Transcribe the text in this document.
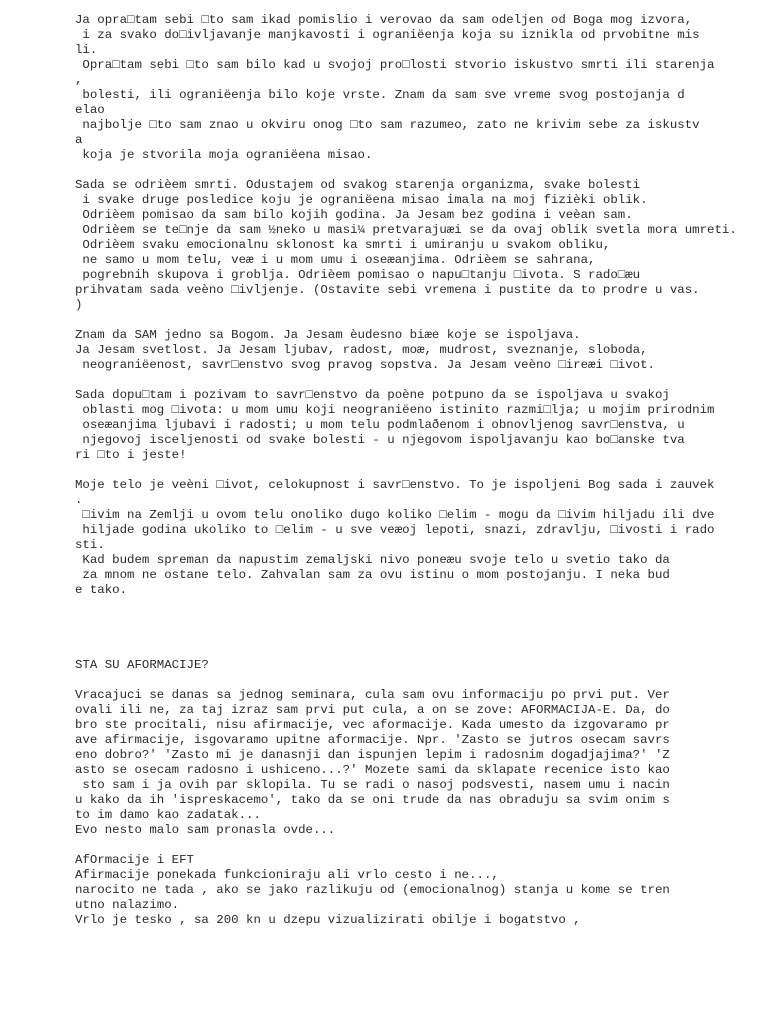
Ja opra□tam sebi □to sam ikad pomislio i verovao da sam odeljen od Boga mog izvora,
i za svako do□ivljavanje manjkavosti i ograniëenja koja su iznikla od prvobitne mis
li.
Opra□tam sebi □to sam bilo kad u svojoj pro□losti stvorio iskustvo smrti ili starenja
,
bolesti, ili ograniëenja bilo koje vrste. Znam da sam sve vreme svog postojanja d
elao
najbolje □to sam znao u okviru onog □to sam razumeo, zato ne krivim sebe za iskustv
a
koja je stvorila moja ograniëena misao.
Sada se odrièem smrti. Odustajem od svakog starenja organizma, svake bolesti
i svake druge posledice koju je ograniëena misao imala na moj fizièki oblik.
Odrièem pomisao da sam bilo kojih godina. Ja Jesam bez godina i veèan sam.
Odrièem se te□nje da sam ½neko u masi¼ pretvarajuæi se da ovaj oblik svetla mora umreti.
Odrièem svaku emocionalnu sklonost ka smrti i umiranju u svakom obliku,
ne samo u mom telu, veæ i u mom umu i oseæanjima. Odrièem se sahrana,
pogrebnih skupova i groblja. Odrièem pomisao o napu□tanju □ivota. S rado□æu
prihvatam sada veèno □ivljenje. (Ostavite sebi vremena i pustite da to prodre u vas.
)
Znam da SAM jedno sa Bogom. Ja Jesam èudesno biæe koje se ispoljava.
Ja Jesam svetlost. Ja Jesam ljubav, radost, moæ, mudrost, sveznanje, sloboda,
neograniëenost, savr□enstvo svog pravog sopstva. Ja Jesam veèno □ireæi □ivot.
Sada dopu□tam i pozivam to savr□enstvo da poène potpuno da se ispoljava u svakoj
oblasti mog □ivota: u mom umu koji neograniëeno istinito razmi□lja; u mojim prirodnim
oseæanjima ljubavi i radosti; u mom telu podmlaðenom i obnovljenog savr□enstva, u
njegovoj isceljenosti od svake bolesti - u njegovom ispoljavanju kao bo□anske tva
ri □to i jeste!
Moje telo je veèni □ivot, celokupnost i savr□enstvo. To je ispoljeni Bog sada i zauvek
.
□ivim na Zemlji u ovom telu onoliko dugo koliko □elim - mogu da □ivim hiljadu ili dve
hiljade godina ukoliko to □elim - u sve veæoj lepoti, snazi, zdravlju, □ivosti i rado
sti.
Kad budem spreman da napustim zemaljski nivo poneæu svoje telo u svetio tako da
za mnom ne ostane telo. Zahvalan sam za ovu istinu o mom postojanju. I neka bud
e tako.
STA SU AFORMACIJE?
Vracajuci se danas sa jednog seminara, cula sam ovu informaciju po prvi put. Ver
ovali ili ne, za taj izraz sam prvi put cula, a on se zove: AFORMACIJA-E. Da, do
bro ste procitali, nisu afirmacije, vec aformacije. Kada umesto da izgovaramo pr
ave afirmacije, isgovaramo upitne aformacije. Npr. 'Zasto se jutros osecam savrs
eno dobro?' 'Zasto mi je danasnji dan ispunjen lepim i radosnim dogadjajima?' 'Z
asto se osecam radosno i ushiceno...?' Mozete sami da sklapate recenice isto kao
sto sam i ja ovih par sklopila. Tu se radi o nasoj podsvesti, nasem umu i nacin
u kako da ih 'ispreskacemo', tako da se oni trude da nas obraduju sa svim onim s
to im damo kao zadatak...
Evo nesto malo sam pronasla ovde...
AfOrmacije i EFT
Afirmacije ponekada funkcioniraju ali vrlo cesto i ne...,
narocito ne tada , ako se jako razlikuju od (emocionalnog) stanja u kome se tren
utno nalazimo.
Vrlo je tesko , sa 200 kn u dzepu vizualizirati obilje i bogatstvo ,
